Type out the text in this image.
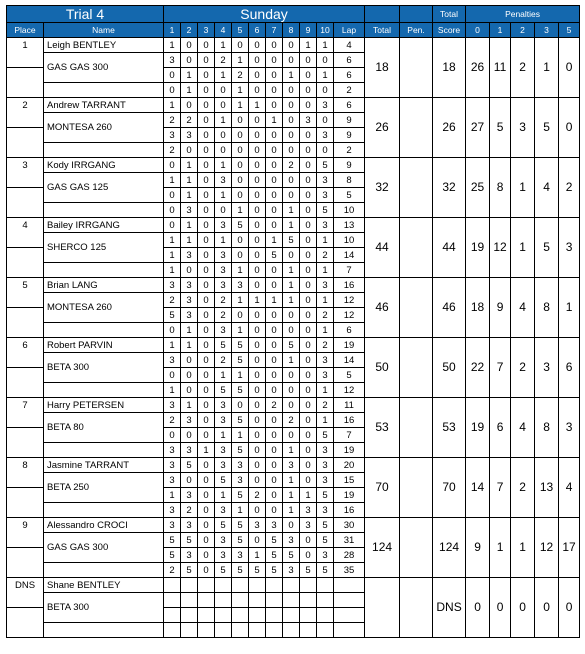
Trial 4		Sunday													Total	Penalties				
Place	Name	1	2	3	4	5	6	7	8	9	10	Lap	Total	Pen.	Score	0	1	2	3	5
1	Leigh BENTLEY	1	0	0	1	0	0	0	0	1	1	4	18		18	26	11	2	1	0
	GAS GAS 300	3	0	0	2	1	0	0	0	0	0	6								
		0	1	0	1	2	0	0	1	0	1	6								
		0	1	0	0	1	0	0	0	0	0	2								
2	Andrew TARRANT	1	0	0	0	1	1	0	0	0	3	6	26		26	27	5	3	5	0
	MONTESA 260	2	2	0	1	0	0	1	0	3	0	9								
		3	3	0	0	0	0	0	0	0	3	9								
		2	0	0	0	0	0	0	0	0	0	2								
3	Kody IRRGANG	0	1	0	1	0	0	0	2	0	5	9	32		32	25	8	1	4	2
	GAS GAS 125	1	1	0	3	0	0	0	0	0	3	8								
		0	1	0	1	0	0	0	0	0	3	5								
		0	3	0	0	1	0	0	1	0	5	10								
4	Bailey IRRGANG	0	1	0	3	5	0	0	1	0	3	13	44		44	19	12	1	5	3
	SHERCO 125	1	1	0	1	0	0	1	5	0	1	10								
		1	3	0	3	0	0	5	0	0	2	14								
		1	0	0	3	1	0	0	1	0	1	7								
5	Brian LANG	3	3	0	3	3	0	0	1	0	3	16	46		46	18	9	4	8	1
	MONTESA 260	2	3	0	2	1	1	1	1	0	1	12								
		5	3	0	2	0	0	0	0	0	2	12								
		0	1	0	3	1	0	0	0	0	1	6								
6	Robert PARVIN	1	1	0	5	5	0	0	5	0	2	19	50		50	22	7	2	3	6
	BETA 300	3	0	0	2	5	0	0	1	0	3	14								
		0	0	0	1	1	0	0	0	0	3	5								
		1	0	0	5	5	0	0	0	0	1	12								
7	Harry PETERSEN	3	1	0	3	0	0	2	0	0	2	11	53		53	19	6	4	8	3
	BETA 80	2	3	0	3	5	0	0	2	0	1	16								
		0	0	0	1	1	0	0	0	0	5	7								
		3	3	1	3	5	0	0	1	0	3	19								
8	Jasmine TARRANT	3	5	0	3	3	0	0	3	0	3	20	70		70	14	7	2	13	4
	BETA 250	3	0	0	5	3	0	0	1	0	3	15								
		1	3	0	1	5	2	0	1	1	5	19								
		3	2	0	3	1	0	0	1	3	3	16								
9	Alessandro CROCI	3	3	0	5	5	3	3	0	3	5	30	124		124	9	1	1	12	17
	GAS GAS 300	5	5	0	3	5	0	5	3	0	5	31								
		5	3	0	3	3	1	5	5	0	3	28								
		2	5	0	5	5	5	5	3	5	5	35								
DNS	Shane BENTLEY														DNS	0	0	0	0	0
	BETA 300																			
